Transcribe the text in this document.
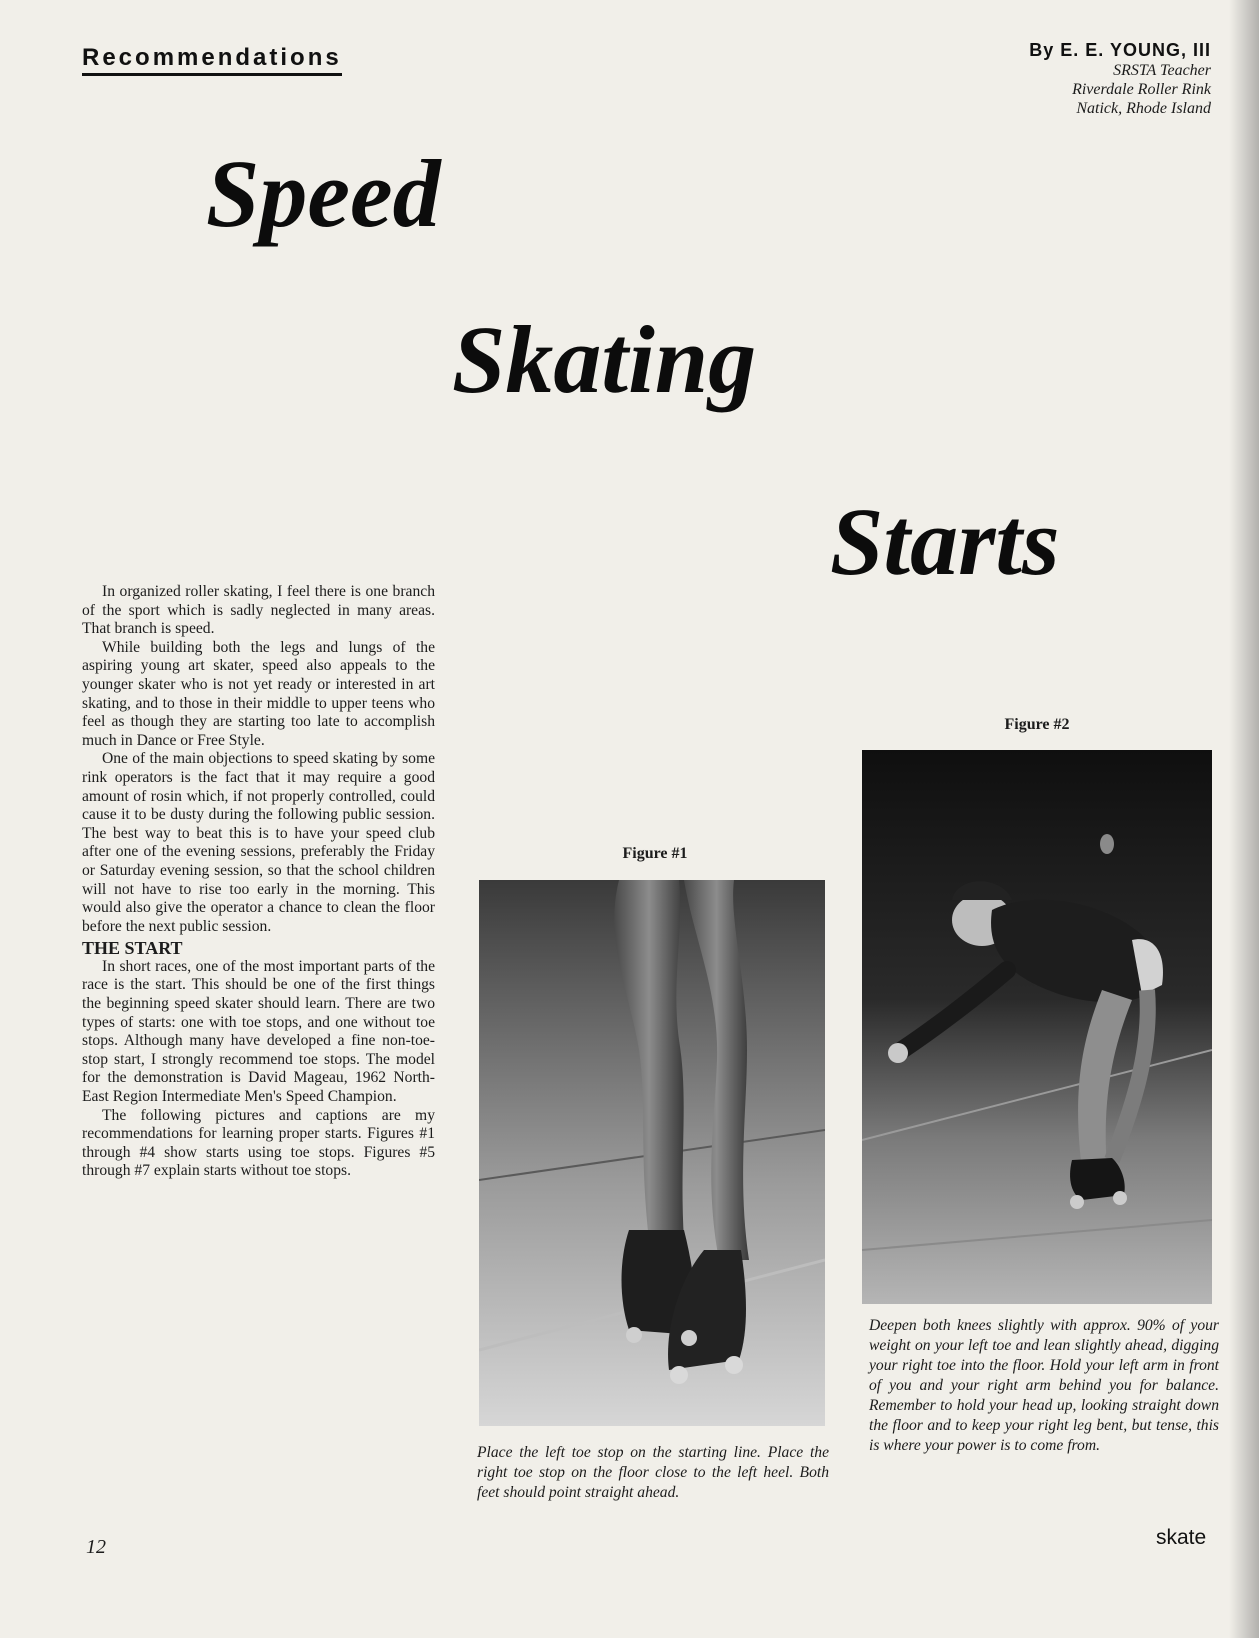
Recommendations	By E. E. YOUNG, III
SRSTA Teacher
Riverdale Roller Rink
Natick, Rhode Island
Speed
Skating
Starts

In organized roller skating, I feel there is one branch of the sport which is sadly neglected in many areas. That branch is speed.

While building both the legs and lungs of the aspiring young art skater, speed also appeals to the younger skater who is not yet ready or interested in art skating, and to those in their middle to upper teens who feel as though they are starting too late to accomplish much in Dance or Free Style.

One of the main objections to speed skating by some rink operators is the fact that it may require a good amount of rosin which, if not properly controlled, could cause it to be dusty during the following public session. The best way to beat this is to have your speed club after one of the evening sessions, preferably the Friday or Saturday evening session, so that the school children will not have to rise too early in the morning. This would also give the operator a chance to clean the floor before the next public session.

THE START

In short races, one of the most important parts of the race is the start. This should be one of the first things the beginning speed skater should learn. There are two types of starts: one with toe stops, and one without toe stops. Although many have developed a fine non-toe-stop start, I strongly recommend toe stops. The model for the demonstration is David Mageau, 1962 North-East Region Intermediate Men's Speed Champion.

The following pictures and captions are my recommendations for learning proper starts. Figures #1 through #4 show starts using toe stops. Figures #5 through #7 explain starts without toe stops.

Figure #1

Place the left toe stop on the starting line. Place the right toe stop on the floor close to the left heel. Both feet should point straight ahead.

Figure #2

Deepen both knees slightly with approx. 90% of your weight on your left toe and lean slightly ahead, digging your right toe into the floor. Hold your left arm in front of you and your right arm behind you for balance. Remember to hold your head up, looking straight down the floor and to keep your right leg bent, but tense, this is where your power is to come from.

12	skate
